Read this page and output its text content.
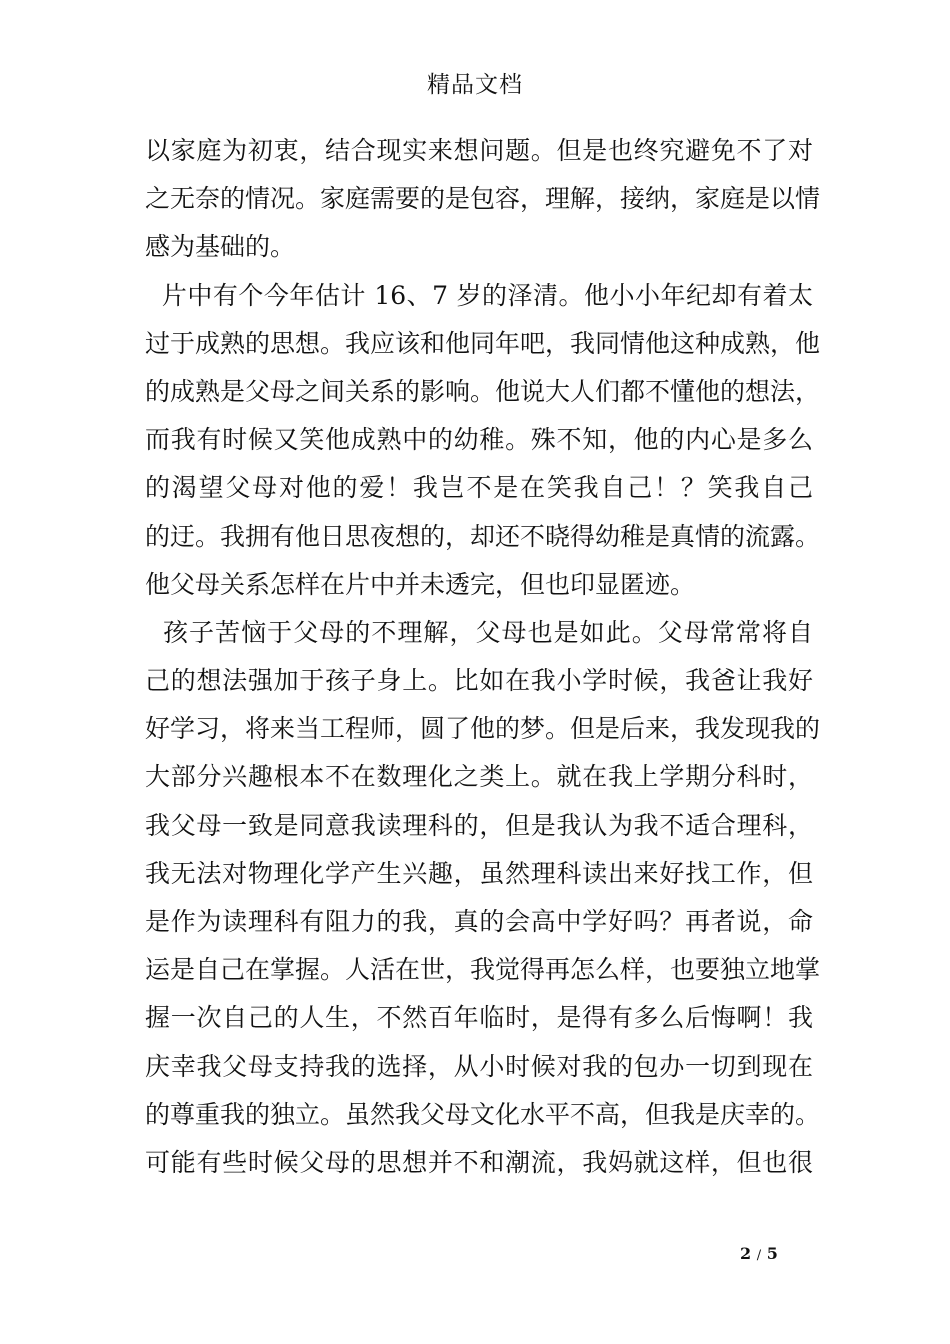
精品文档
以家庭为初衷，结合现实来想问题。但是也终究避免不了对
之无奈的情况。家庭需要的是包容，理解，接纳，家庭是以情
感为基础的。
片中有个今年估计 16、7 岁的泽清。他小小年纪却有着太
过于成熟的思想。我应该和他同年吧，我同情他这种成熟，他
的成熟是父母之间关系的影响。他说大人们都不懂他的想法，
而我有时候又笑他成熟中的幼稚。殊不知，他的内心是多么
的渴望父母对他的爱！我岂不是在笑我自己！？笑我自己
的迂。我拥有他日思夜想的，却还不晓得幼稚是真情的流露。
他父母关系怎样在片中并未透完，但也印显匿迹。
孩子苦恼于父母的不理解，父母也是如此。父母常常将自
己的想法强加于孩子身上。比如在我小学时候，我爸让我好
好学习，将来当工程师，圆了他的梦。但是后来，我发现我的
大部分兴趣根本不在数理化之类上。就在我上学期分科时，
我父母一致是同意我读理科的，但是我认为我不适合理科，
我无法对物理化学产生兴趣，虽然理科读出来好找工作，但
是作为读理科有阻力的我，真的会高中学好吗？再者说，命
运是自己在掌握。人活在世，我觉得再怎么样，也要独立地掌
握一次自己的人生，不然百年临时，是得有多么后悔啊！我
庆幸我父母支持我的选择，从小时候对我的包办一切到现在
的尊重我的独立。虽然我父母文化水平不高，但我是庆幸的。
可能有些时候父母的思想并不和潮流，我妈就这样，但也很
2 / 5
